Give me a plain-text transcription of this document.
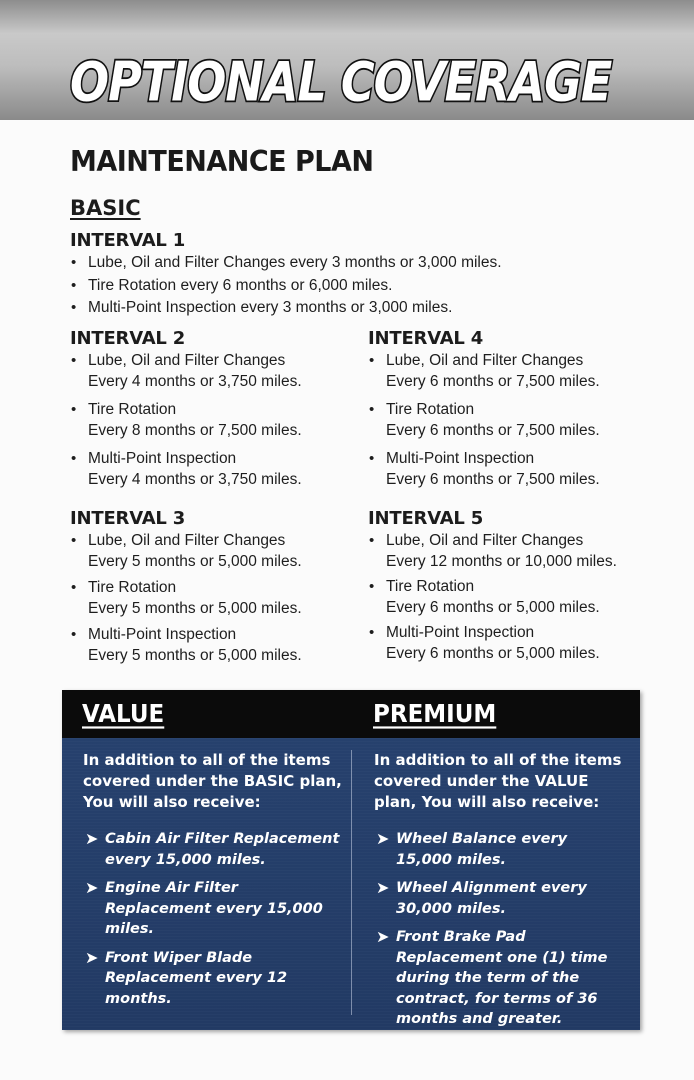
OPTIONAL COVERAGE
MAINTENANCE PLAN
BASIC
INTERVAL 1
• Lube, Oil and Filter Changes every 3 months or 3,000 miles.
• Tire Rotation every 6 months or 6,000 miles.
• Multi-Point Inspection every 3 months or 3,000 miles.
INTERVAL 2
• Lube, Oil and Filter Changes
Every 4 months or 3,750 miles.
• Tire Rotation
Every 8 months or 7,500 miles.
• Multi-Point Inspection
Every 4 months or 3,750 miles.
INTERVAL 3
• Lube, Oil and Filter Changes
Every 5 months or 5,000 miles.
• Tire Rotation
Every 5 months or 5,000 miles.
• Multi-Point Inspection
Every 5 months or 5,000 miles.
INTERVAL 4
• Lube, Oil and Filter Changes
Every 6 months or 7,500 miles.
• Tire Rotation
Every 6 months or 7,500 miles.
• Multi-Point Inspection
Every 6 months or 7,500 miles.
INTERVAL 5
• Lube, Oil and Filter Changes
Every 12 months or 10,000 miles.
• Tire Rotation
Every 6 months or 5,000 miles.
• Multi-Point Inspection
Every 6 months or 5,000 miles.
VALUE	PREMIUM

In addition to all of the items covered under the BASIC plan, You will also receive:

➤ Cabin Air Filter Replacement every 15,000 miles.
➤ Engine Air Filter Replacement every 15,000 miles.
➤ Front Wiper Blade Replacement every 12 months.

In addition to all of the items covered under the VALUE plan, You will also receive:

➤ Wheel Balance every 15,000 miles.
➤ Wheel Alignment every 30,000 miles.
➤ Front Brake Pad Replacement one (1) time during the term of the contract, for terms of 36 months and greater.
